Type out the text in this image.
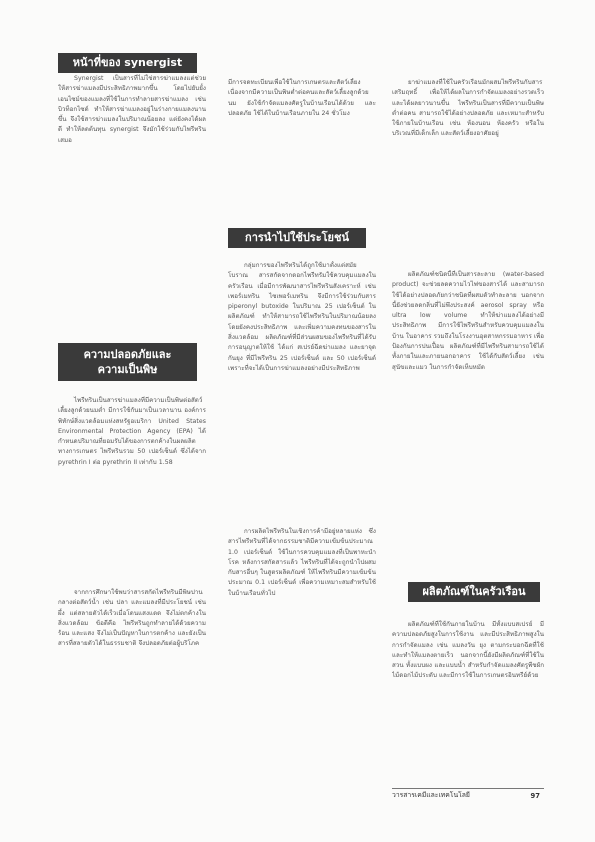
หน้าที่ของ synergist

Synergist เป็นสารที่ไม่ใช่สารฆ่าแมลงแต่ช่วยให้สารฆ่าแมลงมีประสิทธิภาพมากขึ้น โดยไปยับยั้งเอนไซม์ของแมลงที่ใช้ในการทำลายสารฆ่าแมลง เช่น บิวท็อกไซด์ ทำให้สารฆ่าแมลงอยู่ในร่างกายแมลงนานขึ้น จึงใช้สารฆ่าแมลงในปริมาณน้อยลง แต่ยังคงได้ผลดี ทำให้ลดต้นทุน synergist จึงมักใช้ร่วมกับไพรีทรินเสมอ

ความปลอดภัยและ
ความเป็นพิษ

ไพรีทรินเป็นสารฆ่าแมลงที่มีความเป็นพิษต่อสัตว์เลี้ยงลูกด้วยนมต่ำ มีการใช้กันมาเป็นเวลานาน องค์การพิทักษ์สิ่งแวดล้อมแห่งสหรัฐอเมริกา United States Environmental Protection Agency (EPA) ได้กำหนดปริมาณที่ยอมรับได้ของการตกค้างในผลผลิตทางการเกษตร ไพรีทรินรวม 50 เปอร์เซ็นต์ ซึ่งได้จาก pyrethrin I ต่อ pyrethrin II เท่ากับ 1.58

จากการศึกษาใช้พบว่าสารสกัดไพรีทรินมีพิษปานกลางต่อสัตว์น้ำ เช่น ปลา และแมลงที่มีประโยชน์ เช่น ผึ้ง แต่สลายตัวได้เร็วเมื่อโดนแสงแดด จึงไม่ตกค้างในสิ่งแวดล้อม ข้อดีคือ ไพรีทรินถูกทำลายได้ด้วยความร้อน และแสง จึงไม่เป็นปัญหาในการตกค้าง และยังเป็นสารที่สลายตัวได้ในธรรมชาติ จึงปลอดภัยต่อผู้บริโภค

มีการจดทะเบียนเพื่อใช้ในการเกษตรและสัตว์เลี้ยง เนื่องจากมีความเป็นพิษต่ำต่อคนและสัตว์เลี้ยงลูกด้วยนม ยังใช้กำจัดแมลงศัตรูในบ้านเรือนได้ด้วย และปลอดภัย ใช้ได้ในบ้านเรือนภายใน 24 ชั่วโมง

การนำไปใช้ประโยชน์

กลุ่มการของไพรีทรินได้ถูกใช้มาตั้งแต่สมัยโบราณ สารสกัดจากดอกไพรีทรัมใช้ควบคุมแมลงในครัวเรือน เมื่อมีการพัฒนาสารไพรีทรินสังเคราะห์ เช่น เพอร์เมทริน ไซเพอร์เมทริน จึงมีการใช้ร่วมกับสาร piperonyl butoxide ในปริมาณ 25 เปอร์เซ็นต์ ในผลิตภัณฑ์ ทำให้สามารถใช้ไพรีทรินในปริมาณน้อยลงโดยยังคงประสิทธิภาพ และเพิ่มความคงทนของสารในสิ่งแวดล้อม ผลิตภัณฑ์ที่มีส่วนผสมของไพรีทรินที่ได้รับการอนุญาตให้ใช้ ได้แก่ สเปรย์ฉีดฆ่าแมลง และยาจุดกันยุง ที่มีไพรีทริน 25 เปอร์เซ็นต์ และ 50 เปอร์เซ็นต์ เพราะที่จะได้เป็นการฆ่าแมลงอย่างมีประสิทธิภาพ

การผลิตไพรีทรินในเชิงการค้ามีอยู่หลายแห่ง ซึ่งสารไพรีทรินที่ได้จากธรรมชาติมีความเข้มข้นประมาณ 1.0 เปอร์เซ็นต์ ใช้ในการควบคุมแมลงที่เป็นพาหะนำโรค หลังการสกัดสารแล้ว ไพรีทรินที่ได้จะถูกนำไปผสมกับสารอื่นๆ ในสูตรผลิตภัณฑ์ ให้ไพรีทรินมีความเข้มข้นประมาณ 0.1 เปอร์เซ็นต์ เพื่อความเหมาะสมสำหรับใช้ในบ้านเรือนทั่วไป

ยาฆ่าแมลงที่ใช้ในครัวเรือนมักผสมไพรีทรินกับสารเสริมฤทธิ์ เพื่อให้ได้ผลในการกำจัดแมลงอย่างรวดเร็ว และได้ผลยาวนานขึ้น ไพรีทรินเป็นสารที่มีความเป็นพิษต่ำต่อคน สามารถใช้ได้อย่างปลอดภัย และเหมาะสำหรับใช้ภายในบ้านเรือน เช่น ห้องนอน ห้องครัว หรือในบริเวณที่มีเด็กเล็ก และสัตว์เลี้ยงอาศัยอยู่

ผลิตภัณฑ์ชนิดนี้ที่เป็นสารละลาย (water-based product) จะช่วยลดความไวไฟของสารได้ และสามารถใช้ได้อย่างปลอดภัยกว่าชนิดที่ผสมตัวทำละลาย นอกจากนี้ยังช่วยลดกลิ่นที่ไม่พึงประสงค์ aerosol spray หรือ ultra low volume ทำให้ฆ่าแมลงได้อย่างมีประสิทธิภาพ มีการใช้ไพรีทรินสำหรับควบคุมแมลงในบ้าน ในอาคาร รวมถึงในโรงงานอุตสาหกรรมอาหาร เพื่อป้องกันการปนเปื้อน ผลิตภัณฑ์ที่มีไพรีทรินสามารถใช้ได้ทั้งภายในและภายนอกอาคาร ใช้ได้กับสัตว์เลี้ยง เช่น สุนัขและแมว ในการกำจัดเห็บหมัด

ผลิตภัณฑ์ในครัวเรือน

ผลิตภัณฑ์ที่ใช้กันภายในบ้าน มีทั้งแบบสเปรย์ มีความปลอดภัยสูงในการใช้งาน และมีประสิทธิภาพสูงในการกำจัดแมลง เช่น แมลงวัน ยุง ตามกระบอกฉีดที่ใช้ และทำให้แมลงตายเร็ว นอกจากนี้ยังมีผลิตภัณฑ์ที่ใช้ในสวน ทั้งแบบผง และแบบน้ำ สำหรับกำจัดแมลงศัตรูพืชผัก ไม้ดอกไม้ประดับ และมีการใช้ในการเกษตรอินทรีย์ด้วย

วารสารเคมีและเทคโนโลยี	97
